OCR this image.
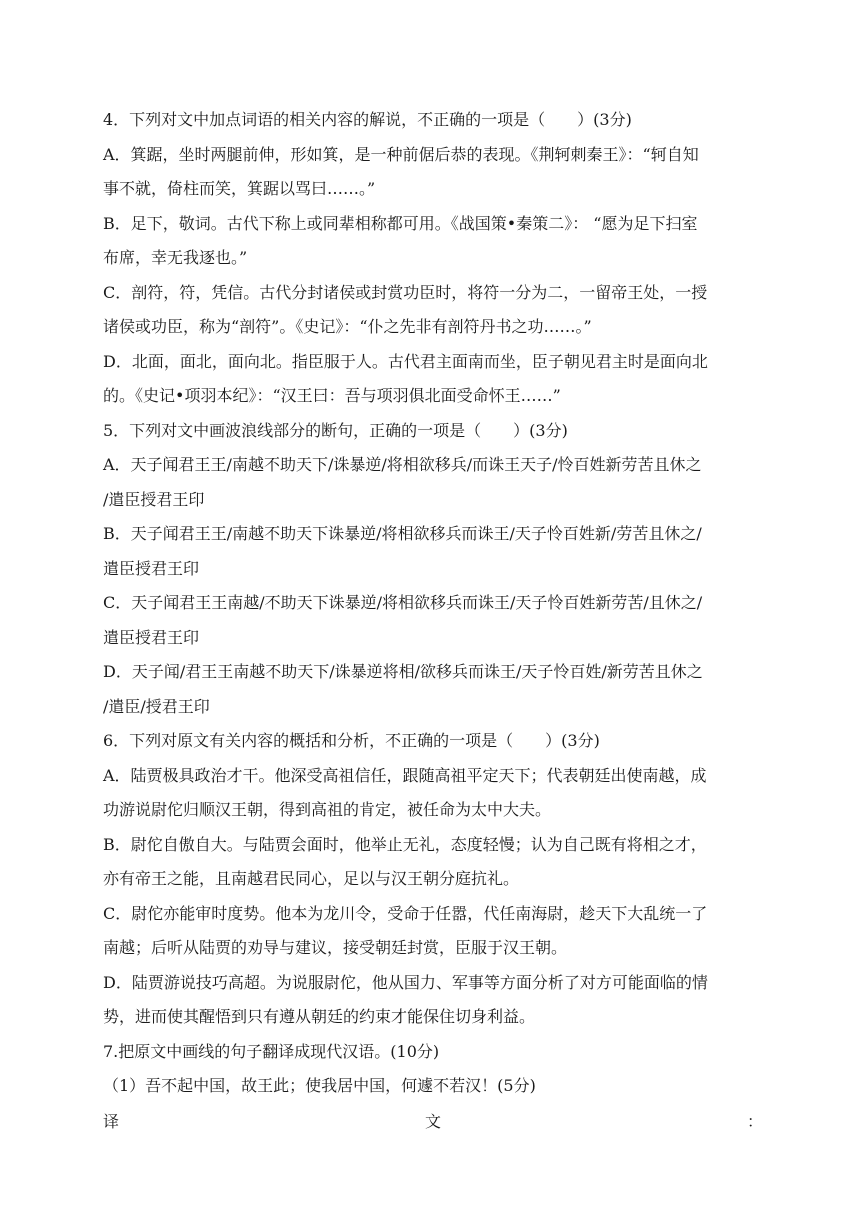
4．下列对文中加点词语的相关内容的解说，不正确的一项是（　　）(3分)
A．箕踞，坐时两腿前伸，形如箕，是一种前倨后恭的表现。《荆轲刺秦王》：“轲自知
事不就，倚柱而笑，箕踞以骂曰……。”
B．足下，敬词。古代下称上或同辈相称都可用。《战国策•秦策二》： “愿为足下扫室
布席，幸无我逐也。”
C．剖符，符，凭信。古代分封诸侯或封赏功臣时，将符一分为二，一留帝王处，一授
诸侯或功臣，称为“剖符”。《史记》：“仆之先非有剖符丹书之功……。”
D．北面，面北，面向北。指臣服于人。古代君主面南而坐，臣子朝见君主时是面向北
的。《史记•项羽本纪》：“汉王曰：吾与项羽俱北面受命怀王……”
5．下列对文中画波浪线部分的断句，正确的一项是（　　）(3分)
A．天子闻君王王/南越不助天下/诛暴逆/将相欲移兵/而诛王天子/怜百姓新劳苦且休之
/遣臣授君王印
B．天子闻君王王/南越不助天下诛暴逆/将相欲移兵而诛王/天子怜百姓新/劳苦且休之/
遣臣授君王印
C．天子闻君王王南越/不助天下诛暴逆/将相欲移兵而诛王/天子怜百姓新劳苦/且休之/
遣臣授君王印
D．天子闻/君王王南越不助天下/诛暴逆将相/欲移兵而诛王/天子怜百姓/新劳苦且休之
/遣臣/授君王印
6．下列对原文有关内容的概括和分析，不正确的一项是（　　）(3分)
A．陆贾极具政治才干。他深受高祖信任，跟随高祖平定天下；代表朝廷出使南越，成
功游说尉佗归顺汉王朝，得到高祖的肯定，被任命为太中大夫。
B．尉佗自傲自大。与陆贾会面时，他举止无礼，态度轻慢；认为自己既有将相之才，
亦有帝王之能，且南越君民同心，足以与汉王朝分庭抗礼。
C．尉佗亦能审时度势。他本为龙川令，受命于任嚣，代任南海尉，趁天下大乱统一了
南越；后听从陆贾的劝导与建议，接受朝廷封赏，臣服于汉王朝。
D．陆贾游说技巧高超。为说服尉佗，他从国力、军事等方面分析了对方可能面临的情
势，进而使其醒悟到只有遵从朝廷的约束才能保住切身利益。
7.把原文中画线的句子翻译成现代汉语。(10分)
（1）吾不起中国，故王此；使我居中国，何遽不若汉！(5分)
译	文	：
